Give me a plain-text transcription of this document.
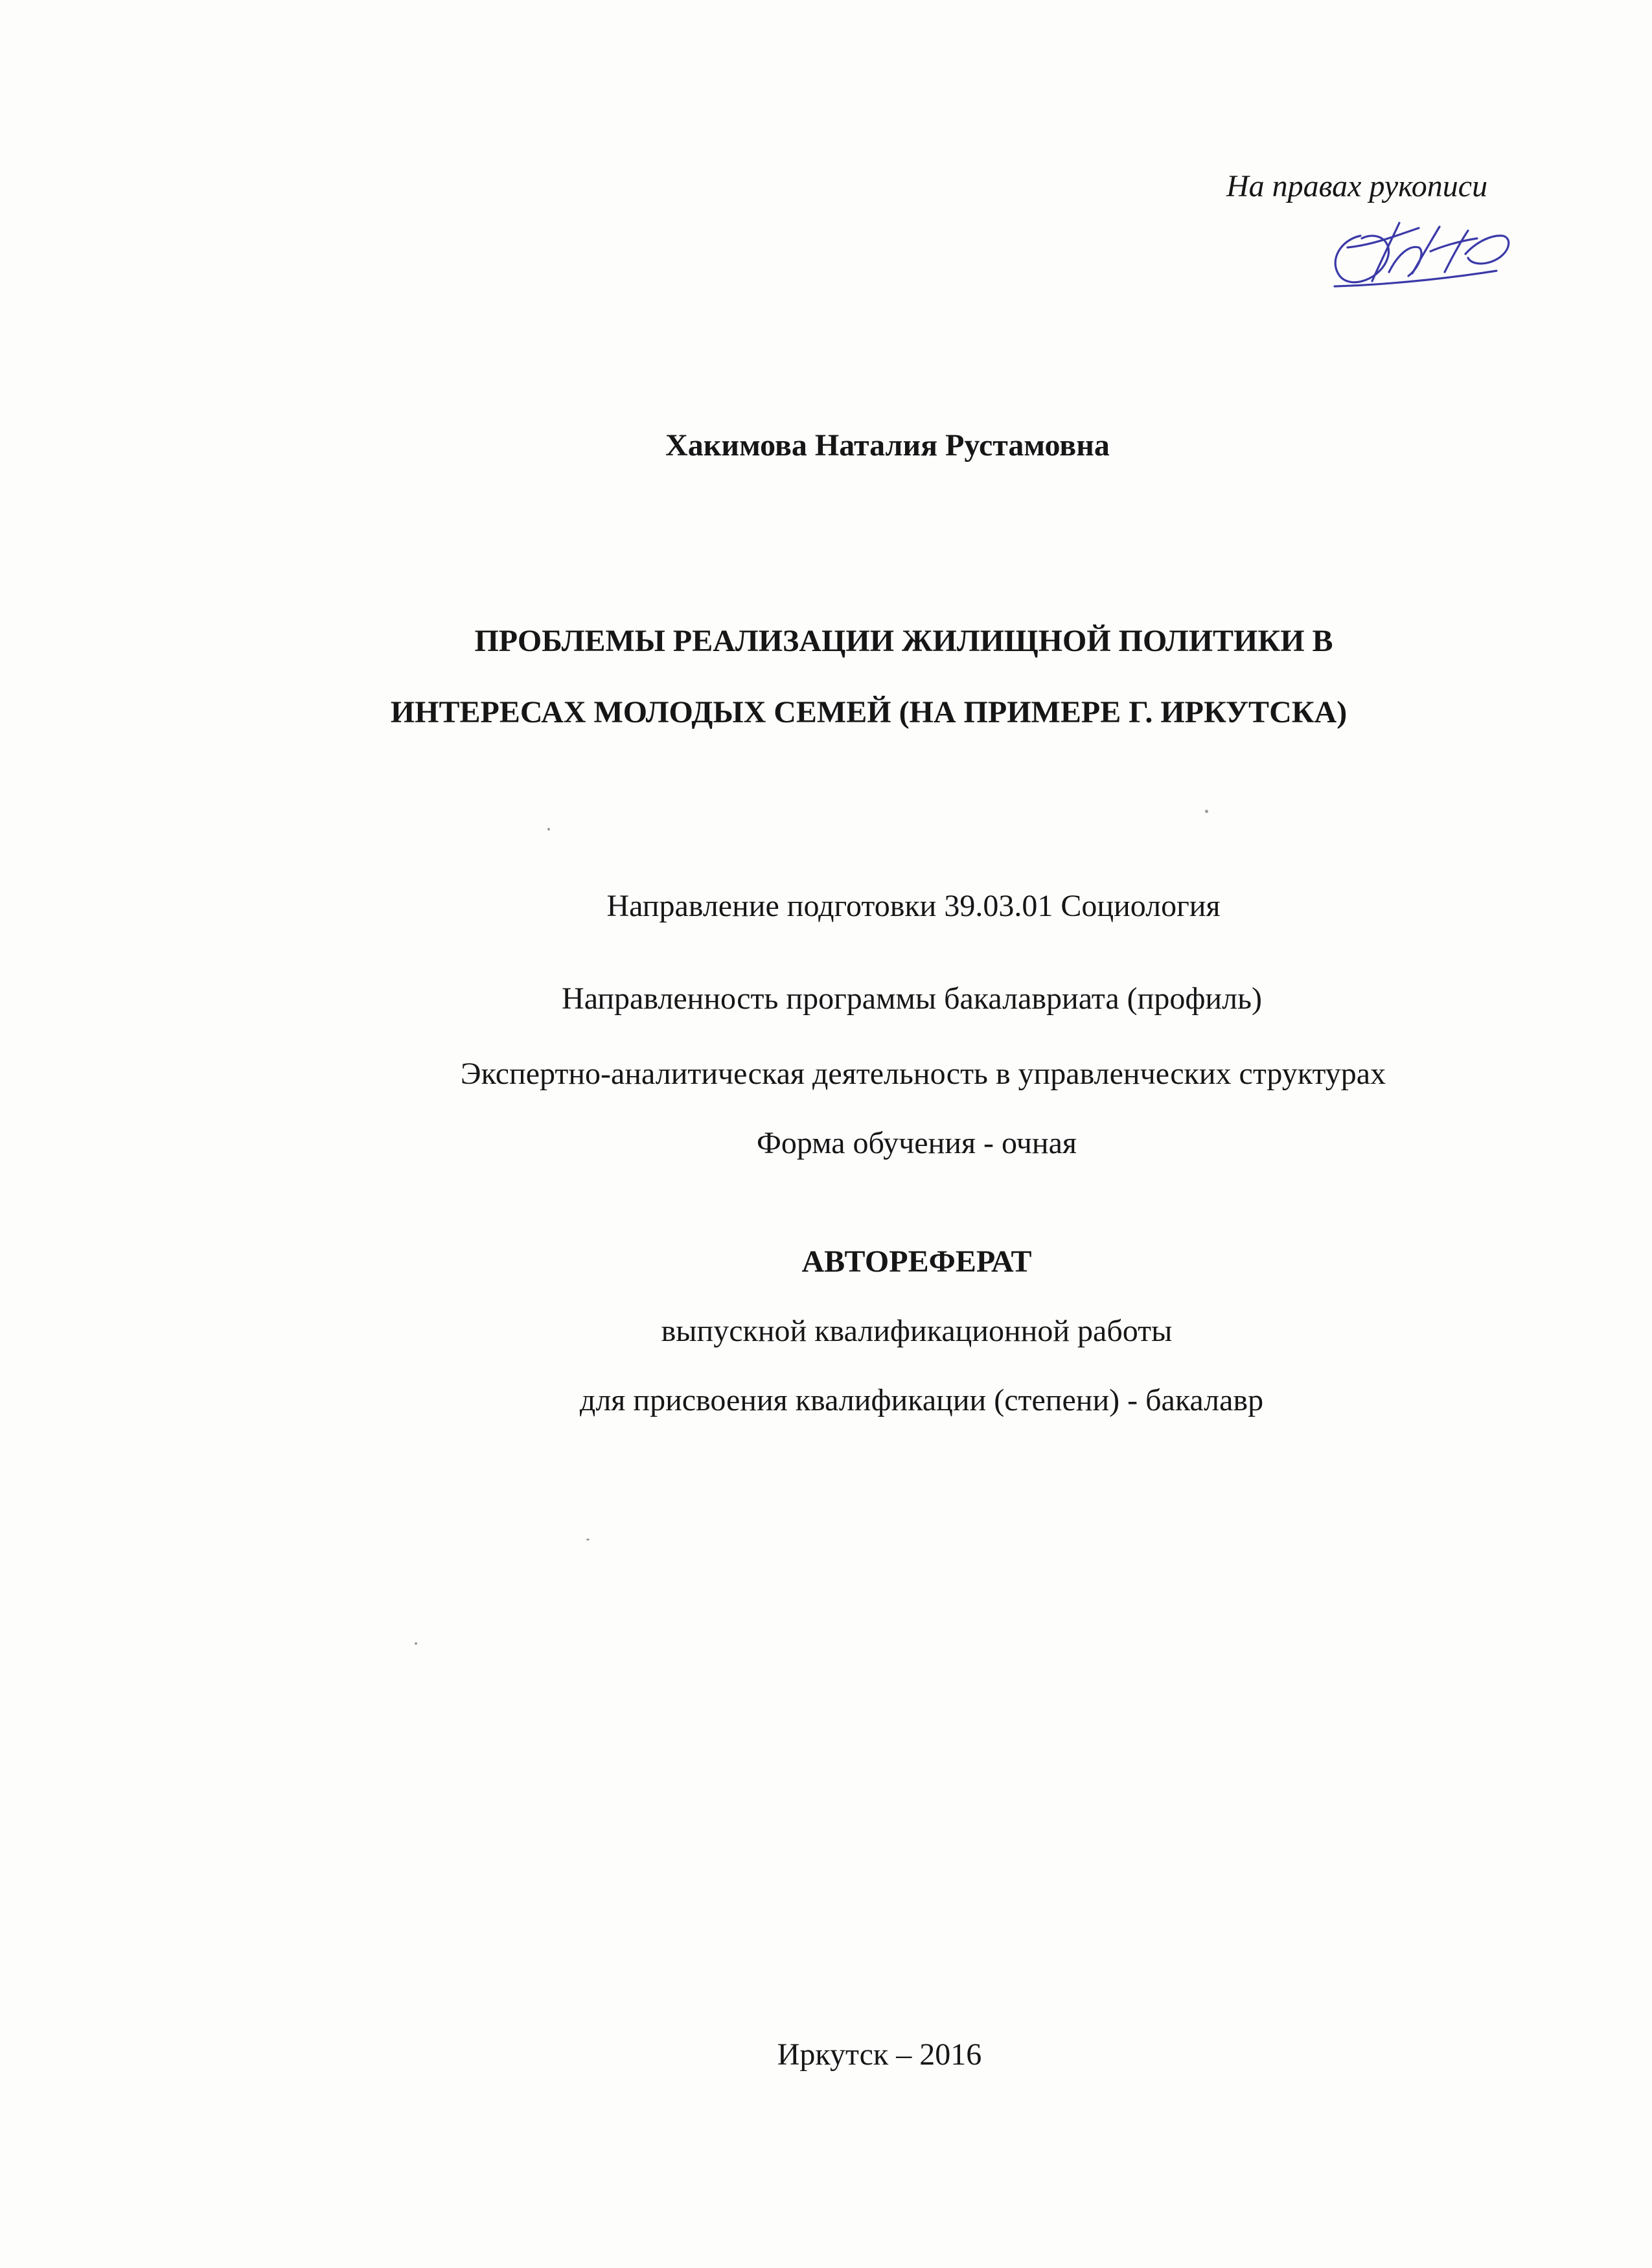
На правах рукописи
Хакимова Наталия Рустамовна
ПРОБЛЕМЫ РЕАЛИЗАЦИИ ЖИЛИЩНОЙ ПОЛИТИКИ В
ИНТЕРЕСАХ МОЛОДЫХ СЕМЕЙ (НА ПРИМЕРЕ Г. ИРКУТСКА)
Направление подготовки 39.03.01 Социология
Направленность программы бакалавриата (профиль)
Экспертно-аналитическая деятельность в управленческих структурах
Форма обучения - очная
АВТОРЕФЕРАТ
выпускной квалификационной работы
для присвоения квалификации (степени) - бакалавр
Иркутск – 2016
